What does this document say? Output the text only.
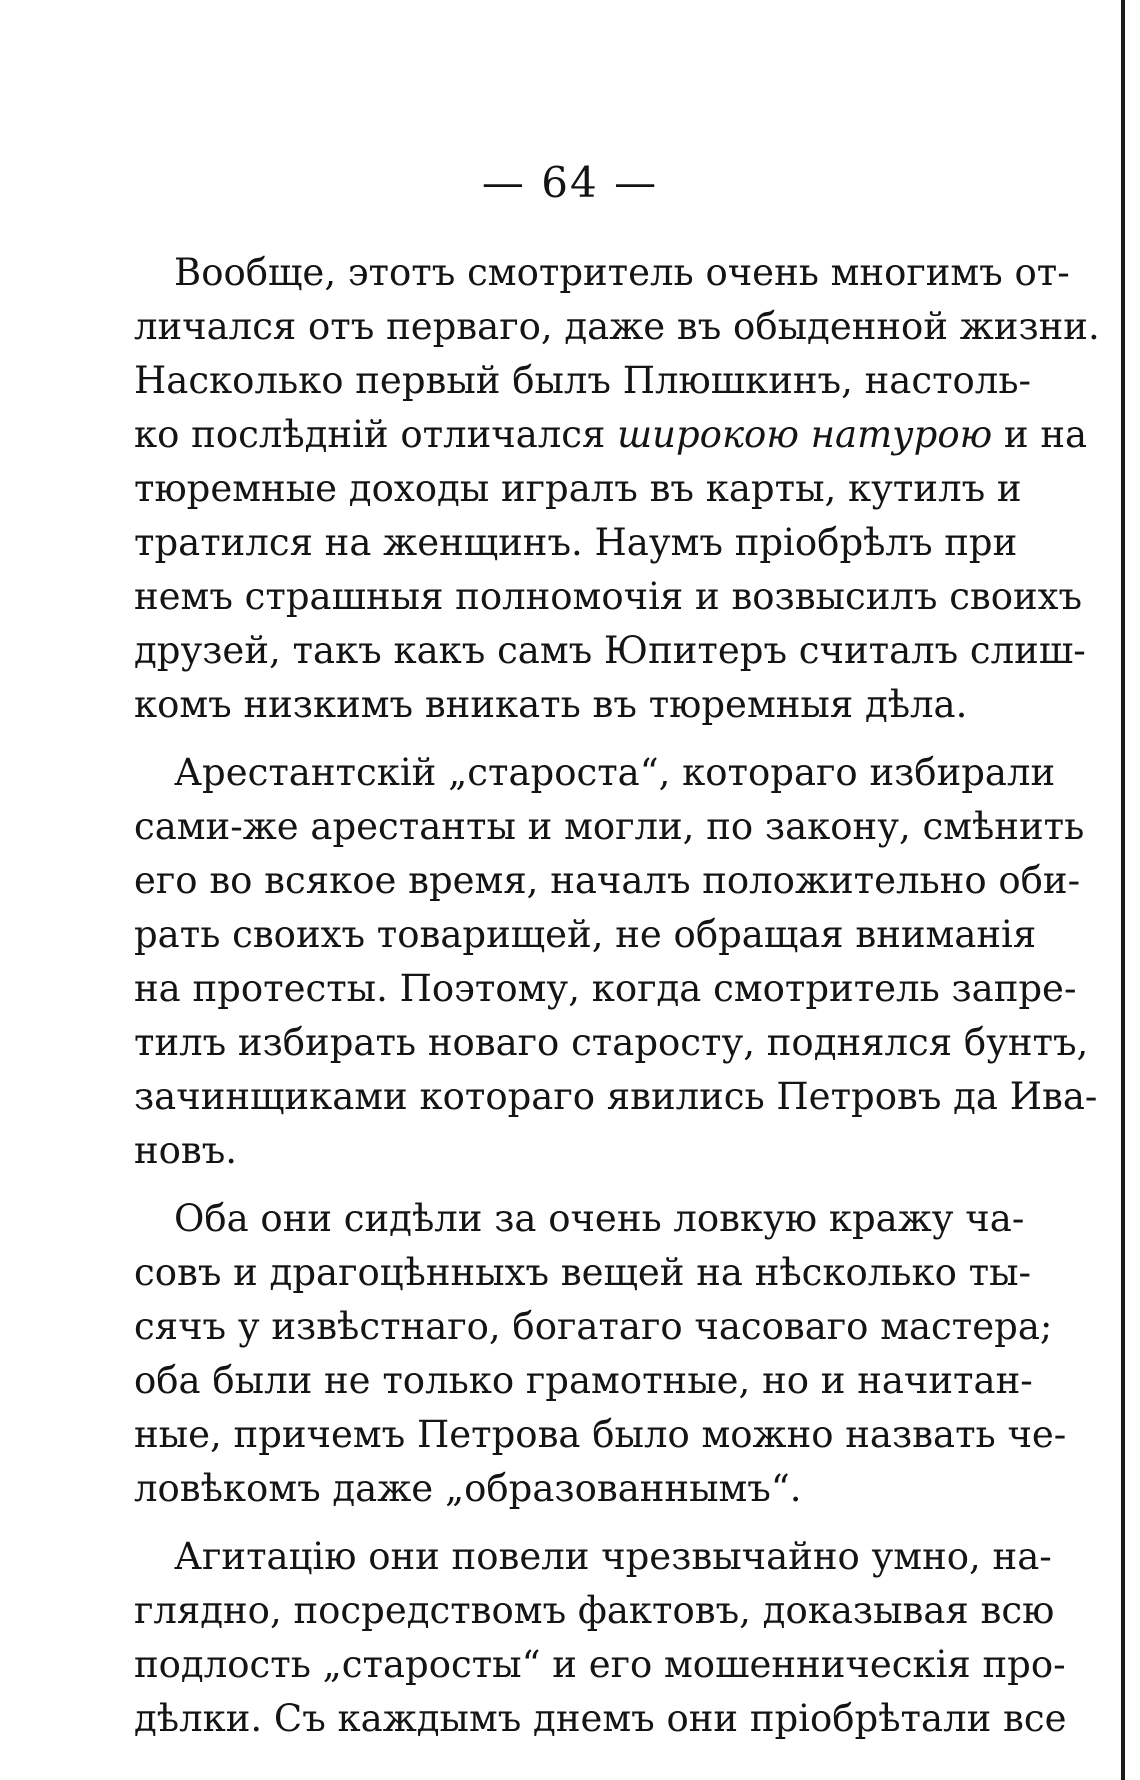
— 64 —
Вообще, этотъ смотритель очень многимъ от-
личался отъ перваго, даже въ обыденной жизни.
Насколько первый былъ Плюшкинъ, настоль-
ко послѣдній отличался широкою натурою и на
тюремные доходы игралъ въ карты, кутилъ и
тратился на женщинъ. Наумъ пріобрѣлъ при
немъ страшныя полномочія и возвысилъ своихъ
друзей, такъ какъ самъ Юпитеръ считалъ слиш-
комъ низкимъ вникать въ тюремныя дѣла.
Арестантскій „староста“, котораго избирали
сами-же арестанты и могли, по закону, смѣнить
его во всякое время, началъ положительно оби-
рать своихъ товарищей, не обращая вниманія
на протесты. Поэтому, когда смотритель запре-
тилъ избирать новаго старосту, поднялся бунтъ,
зачинщиками котораго явились Петровъ да Ива-
новъ.
Оба они сидѣли за очень ловкую кражу ча-
совъ и драгоцѣнныхъ вещей на нѣсколько ты-
сячъ у извѣстнаго, богатаго часоваго мастера;
оба были не только грамотные, но и начитан-
ные, причемъ Петрова было можно назвать че-
ловѣкомъ даже „образованнымъ“.
Агитацію они повели чрезвычайно умно, на-
глядно, посредствомъ фактовъ, доказывая всю
подлость „старосты“ и его мошенническія про-
дѣлки. Съ каждымъ днемъ они пріобрѣтали все
